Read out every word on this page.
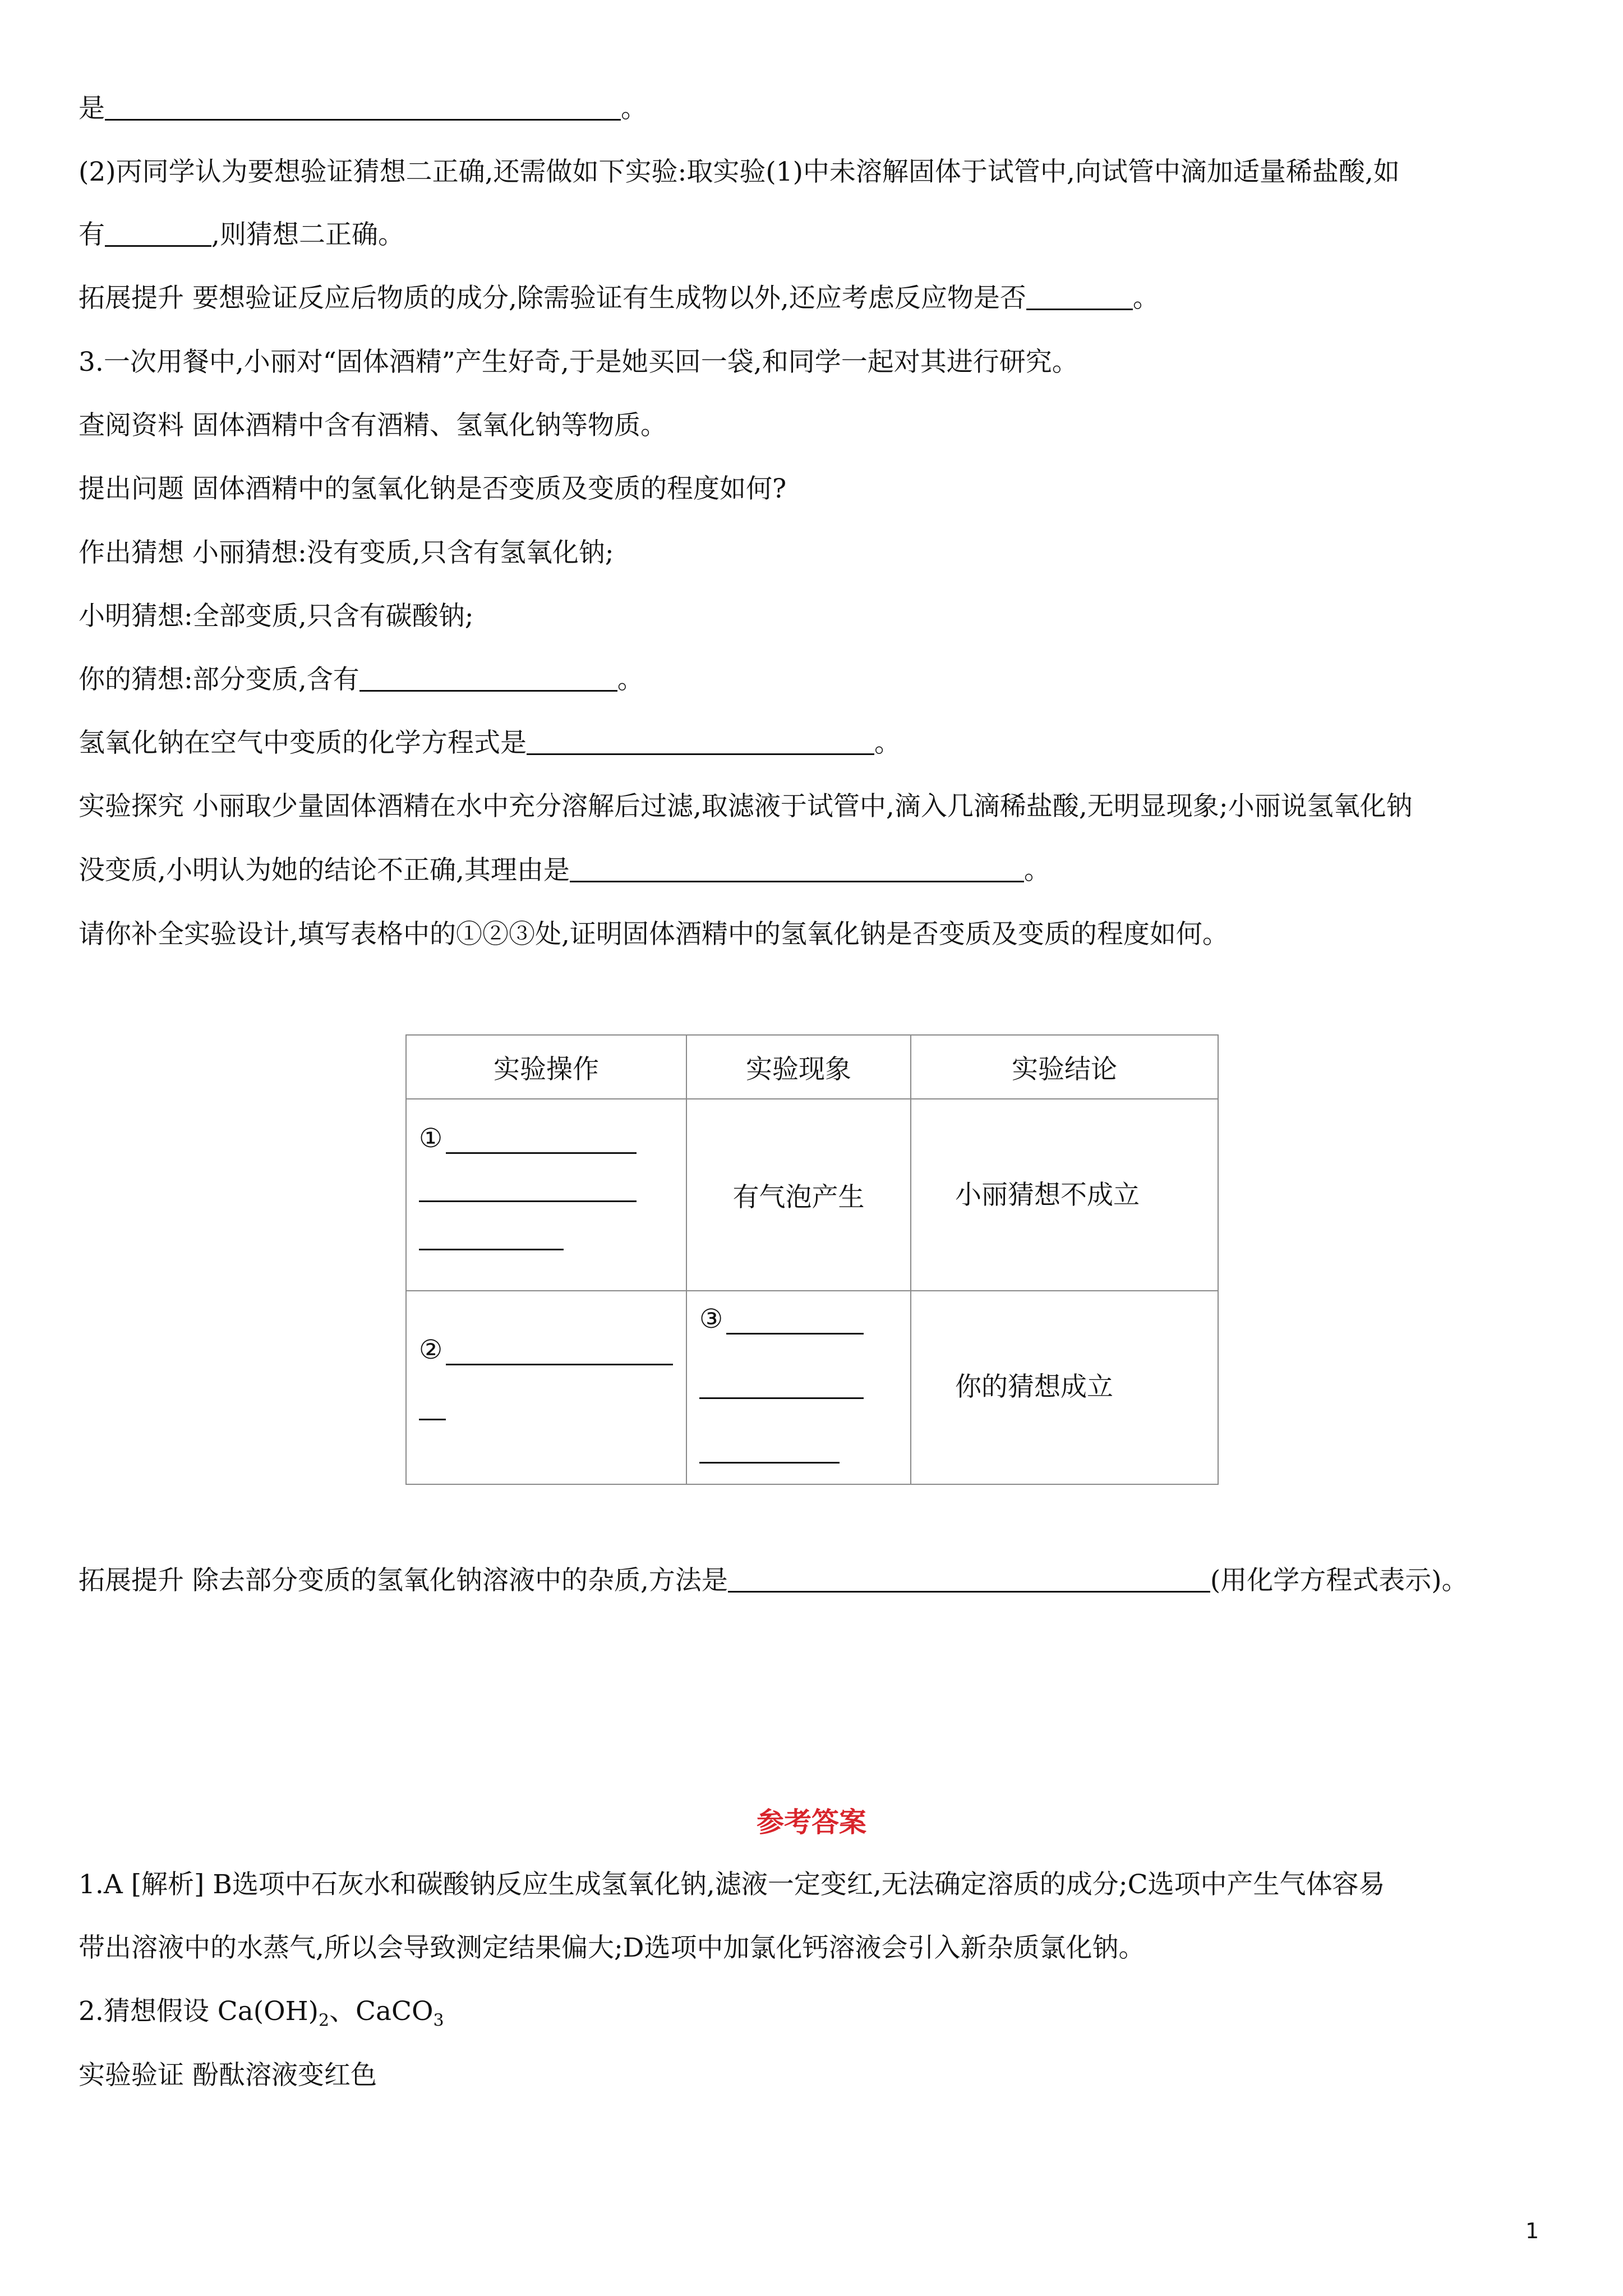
是	。
(2)丙同学认为要想验证猜想二正确,还需做如下实验:取实验(1)中未溶解固体于试管中,向试管中滴加适量稀盐酸,如
有	,则猜想二正确。
拓展提升 要想验证反应后物质的成分,除需验证有生成物以外,还应考虑反应物是否	。
3.一次用餐中,小丽对“固体酒精”产生好奇,于是她买回一袋,和同学一起对其进行研究。
查阅资料 固体酒精中含有酒精、氢氧化钠等物质。
提出问题 固体酒精中的氢氧化钠是否变质及变质的程度如何?
作出猜想 小丽猜想:没有变质,只含有氢氧化钠;
小明猜想:全部变质,只含有碳酸钠;
你的猜想:部分变质,含有	。
氢氧化钠在空气中变质的化学方程式是	。
实验探究 小丽取少量固体酒精在水中充分溶解后过滤,取滤液于试管中,滴入几滴稀盐酸,无明显现象;小丽说氢氧化钠
没变质,小明认为她的结论不正确,其理由是	。
请你补全实验设计,填写表格中的①②③处,证明固体酒精中的氢氧化钠是否变质及变质的程度如何。
实验操作	实验现象	实验结论

①	有气泡产生	小丽猜想不成立

②	③	你的猜想成立
拓展提升 除去部分变质的氢氧化钠溶液中的杂质,方法是	(用化学方程式表示)。
参考答案
1.A [解析] B选项中石灰水和碳酸钠反应生成氢氧化钠,滤液一定变红,无法确定溶质的成分;C选项中产生气体容易
带出溶液中的水蒸气,所以会导致测定结果偏大;D选项中加氯化钙溶液会引入新杂质氯化钠。
2.猜想假设 $Ca(OH)_2$、CaCO$_3$
实验验证 酚酞溶液变红色
1
